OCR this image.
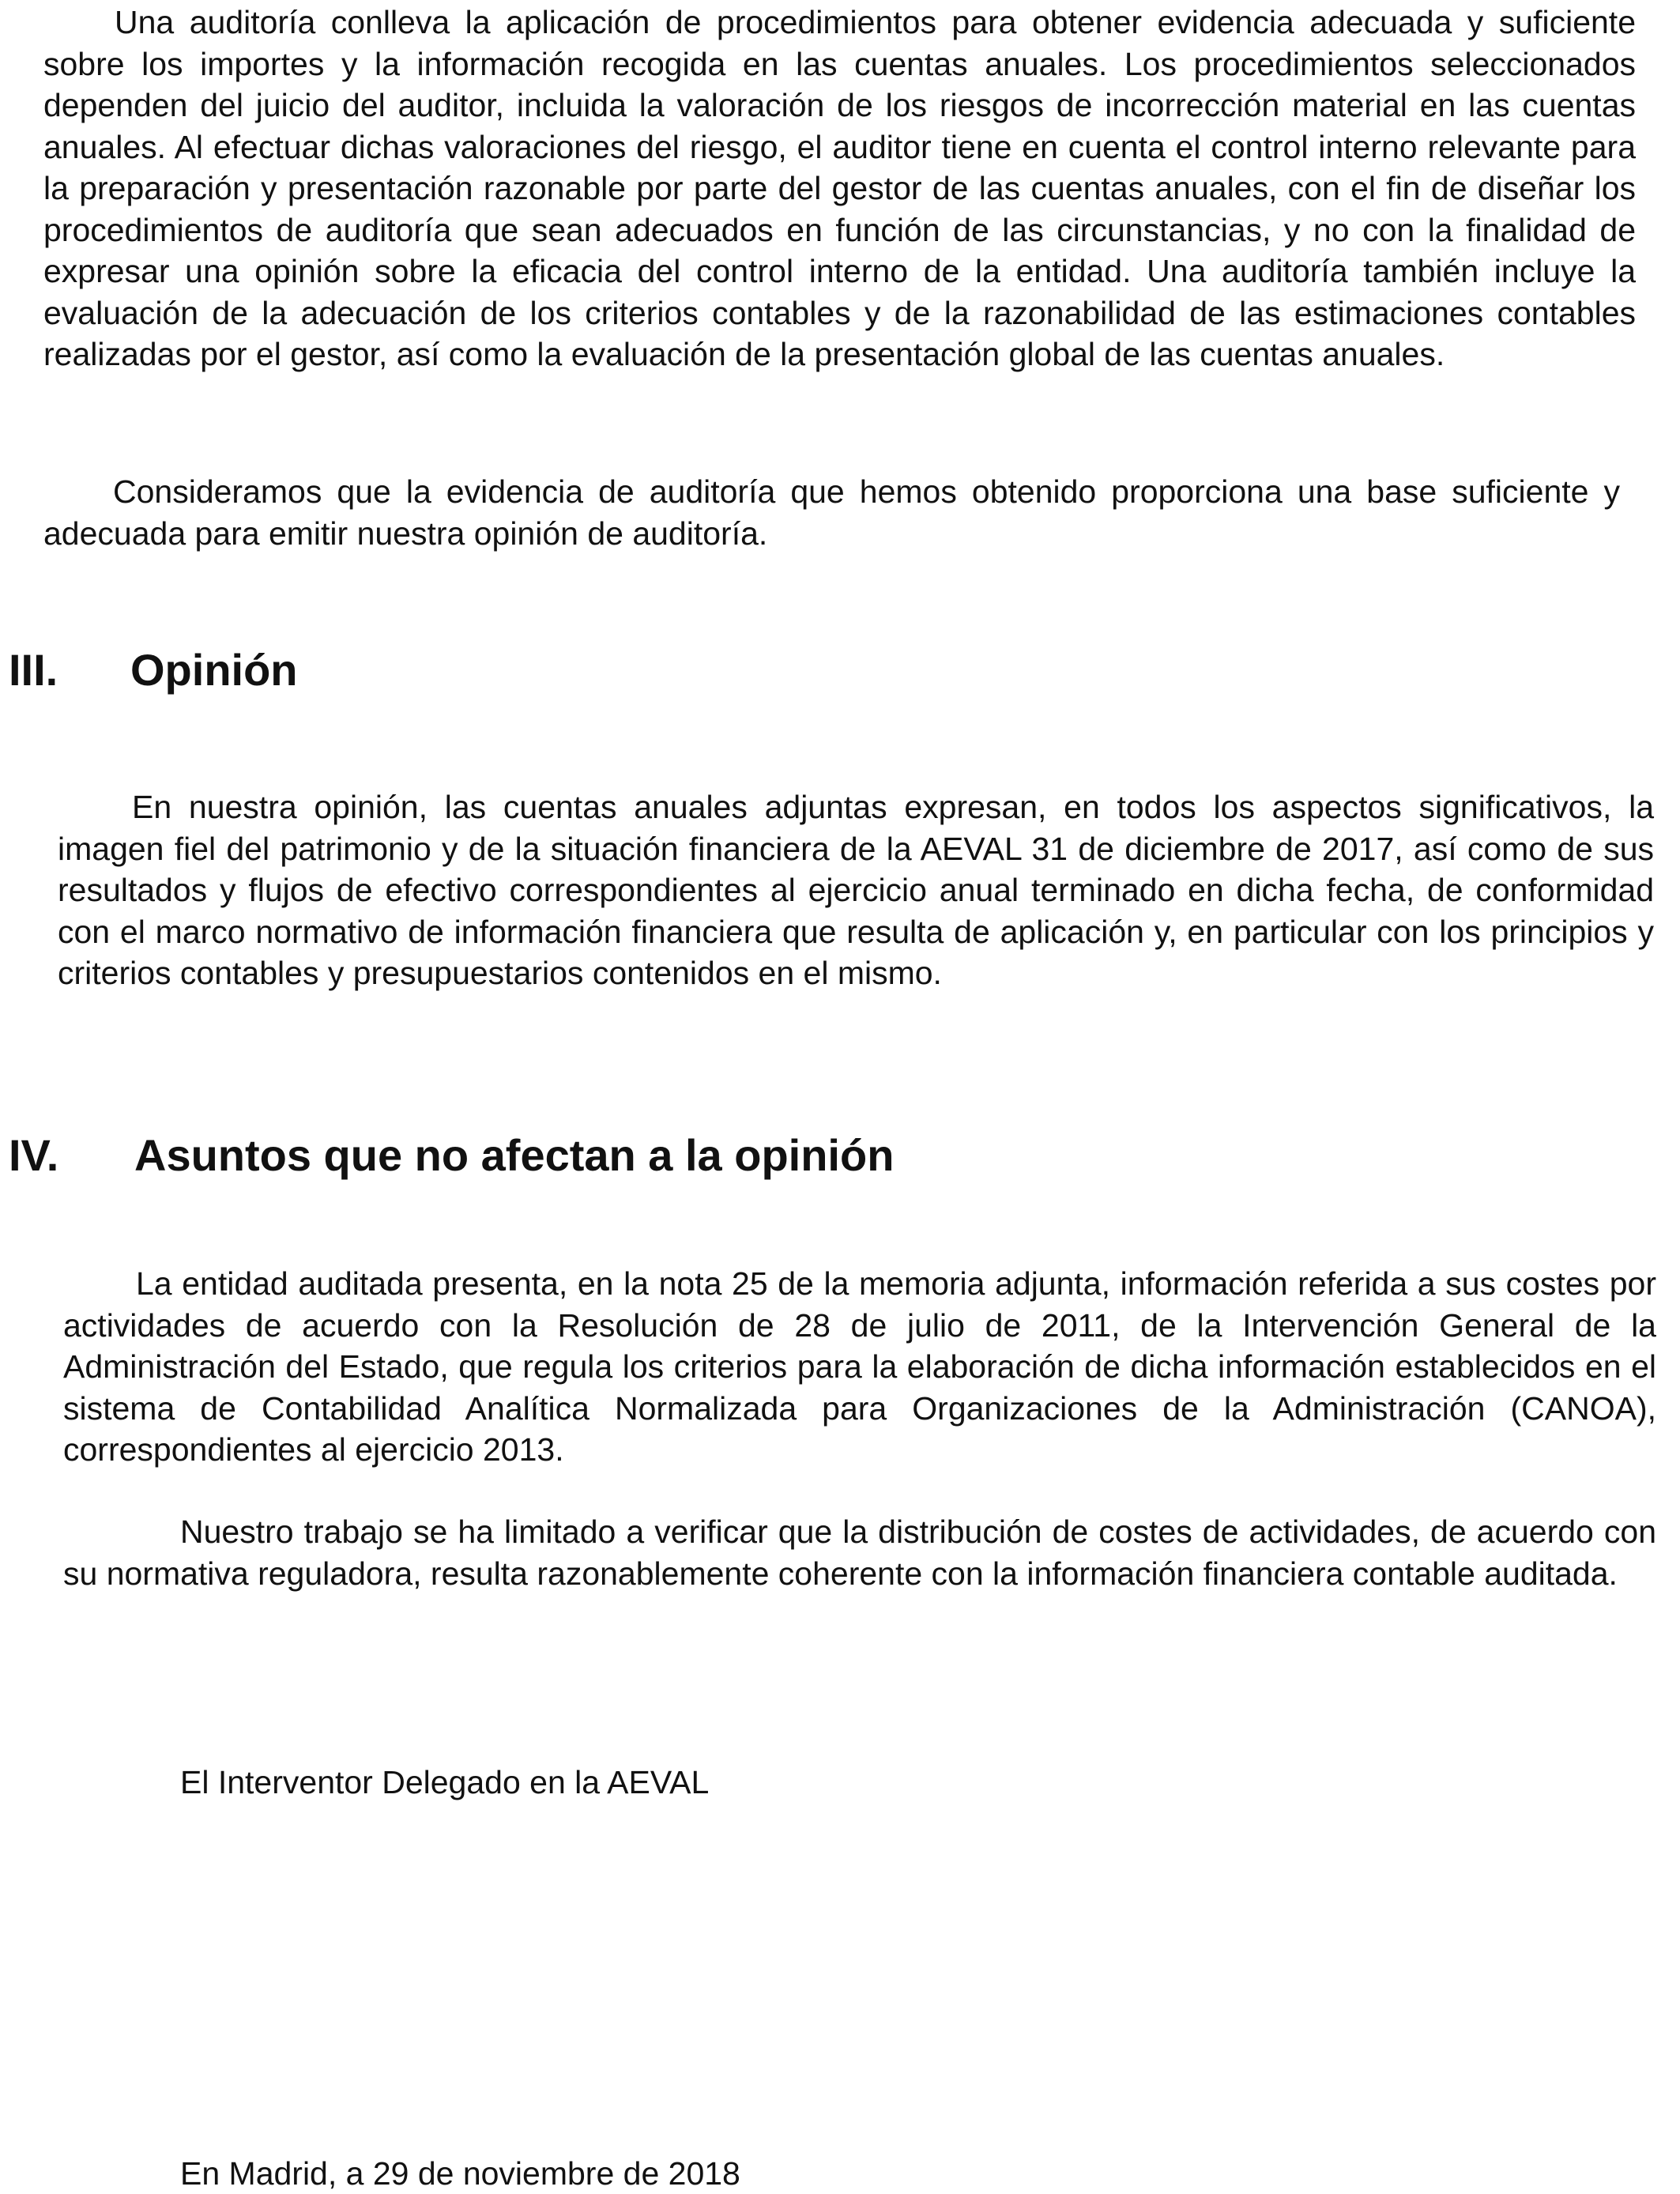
Una auditoría conlleva la aplicación de procedimientos para obtener evidencia adecuada y suficiente sobre los importes y la información recogida en las cuentas anuales. Los procedimientos seleccionados dependen del juicio del auditor, incluida la valoración de los riesgos de incorrección material en las cuentas anuales. Al efectuar dichas valoraciones del riesgo, el auditor tiene en cuenta el control interno relevante para la preparación y presentación razonable por parte del gestor de las cuentas anuales, con el fin de diseñar los procedimientos de auditoría que sean adecuados en función de las circunstancias, y no con la finalidad de expresar una opinión sobre la eficacia del control interno de la entidad. Una auditoría también incluye la evaluación de la adecuación de los criterios contables y de la razonabilidad de las estimaciones contables realizadas por el gestor, así como la evaluación de la presentación global de las cuentas anuales.

Consideramos que la evidencia de auditoría que hemos obtenido proporciona una base suficiente y adecuada para emitir nuestra opinión de auditoría.

III. Opinión

En nuestra opinión, las cuentas anuales adjuntas expresan, en todos los aspectos significativos, la imagen fiel del patrimonio y de la situación financiera de la AEVAL 31 de diciembre de 2017, así como de sus resultados y flujos de efectivo correspondientes al ejercicio anual terminado en dicha fecha, de conformidad con el marco normativo de información financiera que resulta de aplicación y, en particular con los principios y criterios contables y presupuestarios contenidos en el mismo.

IV. Asuntos que no afectan a la opinión

La entidad auditada presenta, en la nota 25 de la memoria adjunta, información referida a sus costes por actividades de acuerdo con la Resolución de 28 de julio de 2011, de la Intervención General de la Administración del Estado, que regula los criterios para la elaboración de dicha información establecidos en el sistema de Contabilidad Analítica Normalizada para Organizaciones de la Administración (CANOA), correspondientes al ejercicio 2013.

Nuestro trabajo se ha limitado a verificar que la distribución de costes de actividades, de acuerdo con su normativa reguladora, resulta razonablemente coherente con la información financiera contable auditada.

El Interventor Delegado en la AEVAL

En Madrid, a 29 de noviembre de 2018
